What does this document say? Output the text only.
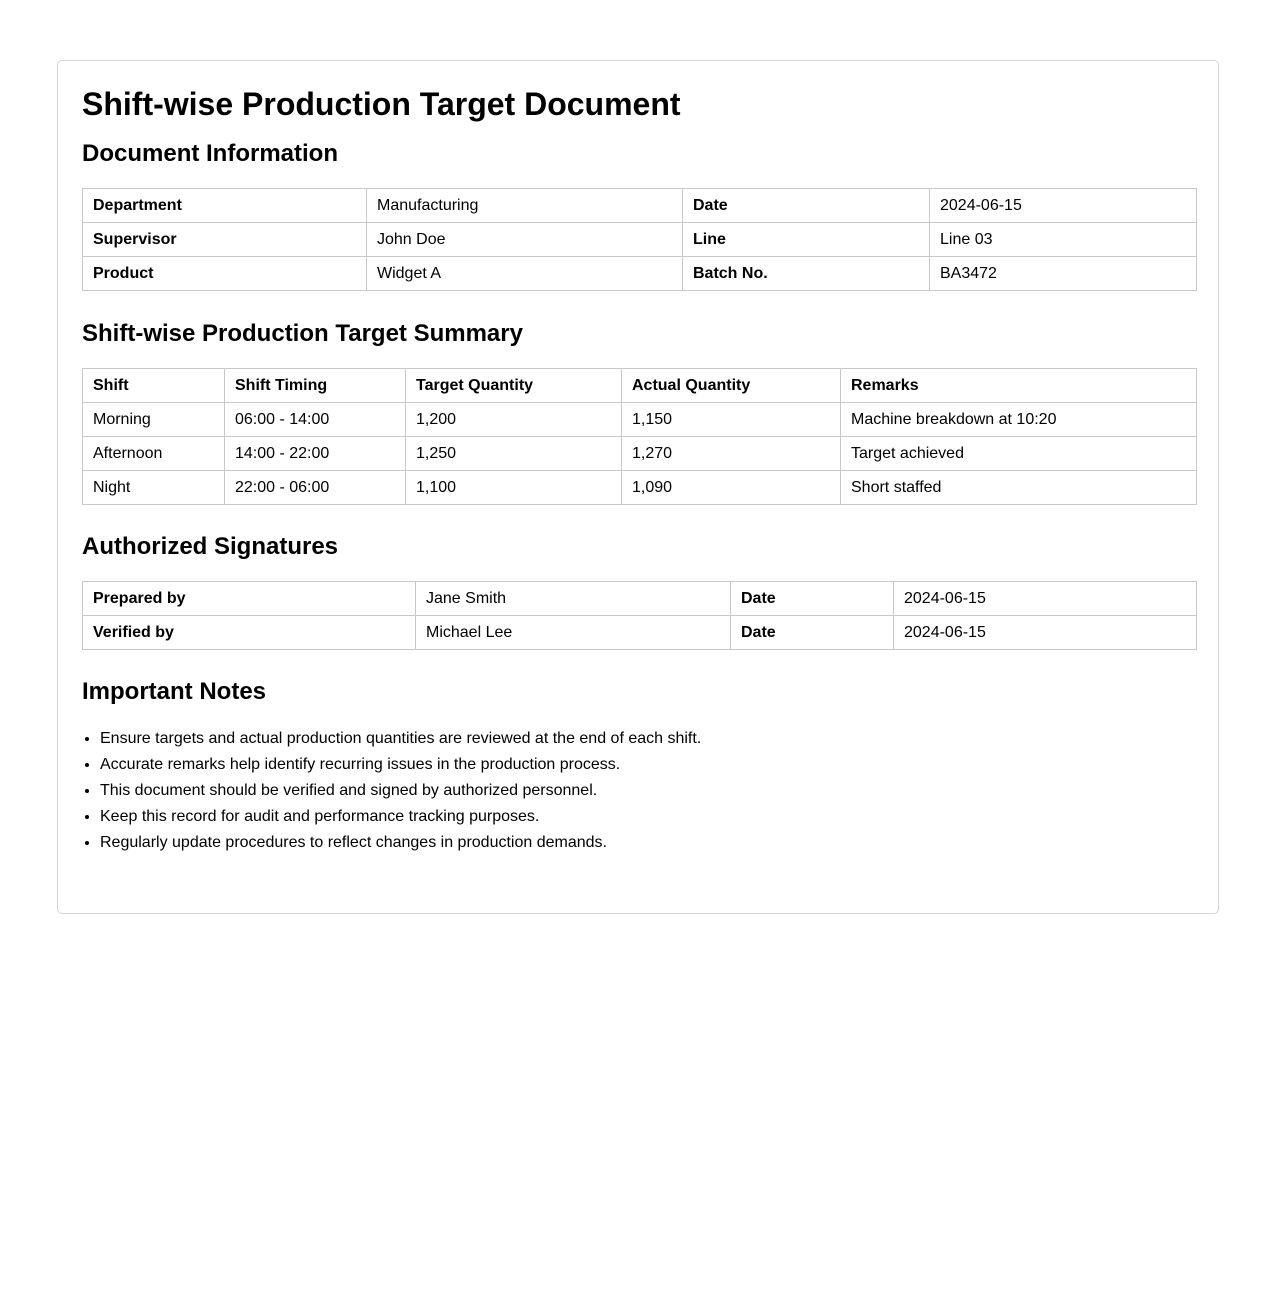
Shift-wise Production Target Document
Document Information
Department	Manufacturing	Date	2024-06-15
Supervisor	John Doe	Line	Line 03
Product	Widget A	Batch No.	BA3472
Shift-wise Production Target Summary
Shift	Shift Timing	Target Quantity	Actual Quantity	Remarks
Morning	06:00 - 14:00	1,200	1,150	Machine breakdown at 10:20
Afternoon	14:00 - 22:00	1,250	1,270	Target achieved
Night	22:00 - 06:00	1,100	1,090	Short staffed
Authorized Signatures
Prepared by	Jane Smith	Date	2024-06-15
Verified by	Michael Lee	Date	2024-06-15
Important Notes
• Ensure targets and actual production quantities are reviewed at the end of each shift.
• Accurate remarks help identify recurring issues in the production process.
• This document should be verified and signed by authorized personnel.
• Keep this record for audit and performance tracking purposes.
• Regularly update procedures to reflect changes in production demands.
